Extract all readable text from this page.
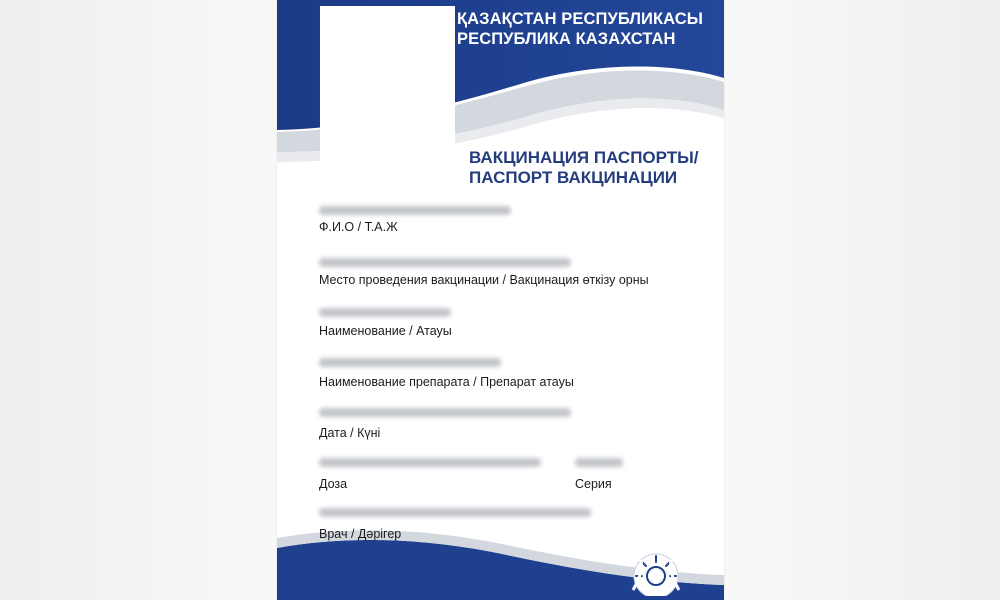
ҚАЗАҚСТАН РЕСПУБЛИКАСЫ
РЕСПУБЛИКА КАЗАХСТАН
ВАКЦИНАЦИЯ ПАСПОРТЫ/
ПАСПОРТ ВАКЦИНАЦИИ
Ф.И.О / Т.А.Ж
Место проведения вакцинации / Вакцинация өткізу орны
Наименование / Атауы
Наименование препарата / Препарат атауы
Дата / Күні
Доза	Серия
Врач / Дәрігер
